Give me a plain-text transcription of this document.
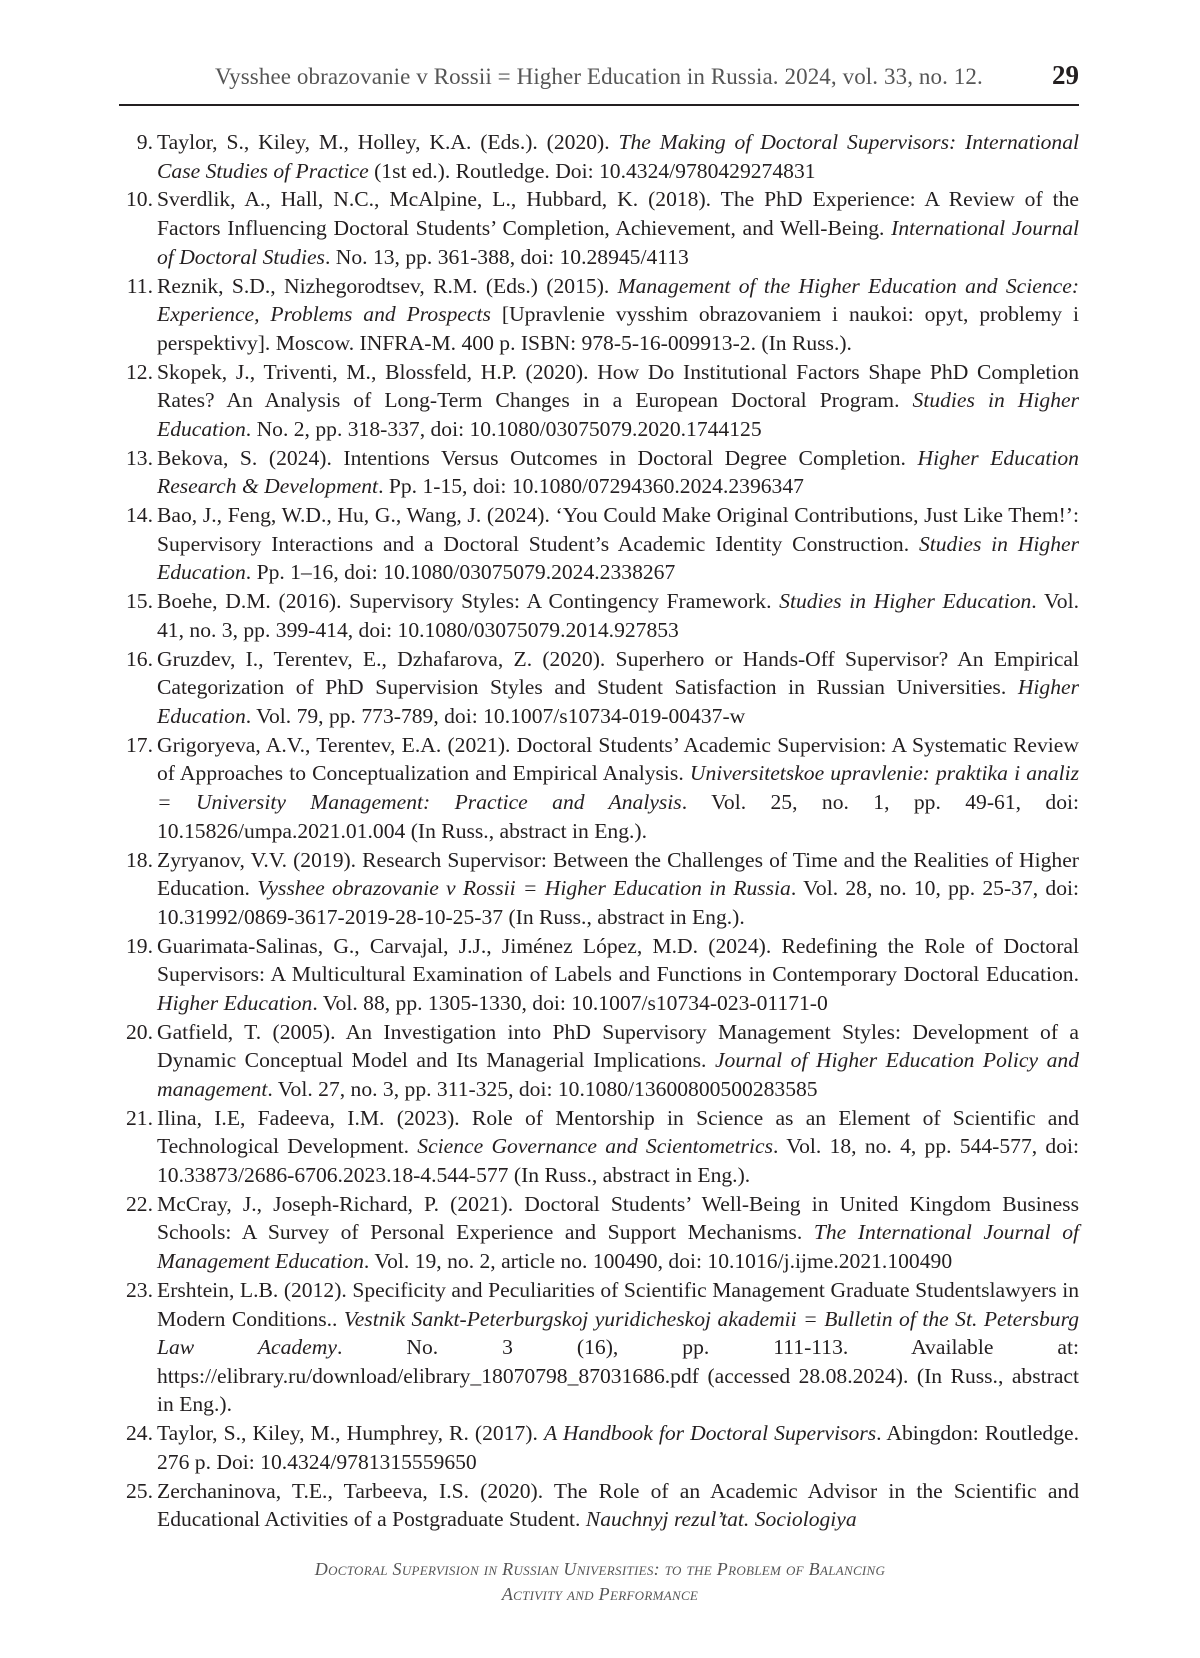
Vysshee obrazovanie v Rossii = Higher Education in Russia. 2024, vol. 33, no. 12.	29
9. Taylor, S., Kiley, M., Holley, K.A. (Eds.). (2020). The Making of Doctoral Supervisors: International Case Studies of Practice (1st ed.). Routledge. Doi: 10.4324/9780429274831
10. Sverdlik, A., Hall, N.C., McAlpine, L., Hubbard, K. (2018). The PhD Experience: A Review of the Factors Influencing Doctoral Students’ Completion, Achievement, and Well-Being. International Journal of Doctoral Studies. No. 13, pp. 361-388, doi: 10.28945/4113
11. Reznik, S.D., Nizhegorodtsev, R.M. (Eds.) (2015). Management of the Higher Education and Science: Experience, Problems and Prospects [Upravlenie vysshim obrazovaniem i naukoi: opyt, problemy i perspektivy]. Moscow. INFRA-M. 400 p. ISBN: 978-5-16-009913-2. (In Russ.).
12. Skopek, J., Triventi, M., Blossfeld, H.P. (2020). How Do Institutional Factors Shape PhD Completion Rates? An Analysis of Long-Term Changes in a European Doctoral Program. Studies in Higher Education. No. 2, pp. 318-337, doi: 10.1080/03075079.2020.1744125
13. Bekova, S. (2024). Intentions Versus Outcomes in Doctoral Degree Completion. Higher Education Research & Development. Pp. 1-15, doi: 10.1080/07294360.2024.2396347
14. Bao, J., Feng, W.D., Hu, G., Wang, J. (2024). ‘You Could Make Original Contributions, Just Like Them!’: Supervisory Interactions and a Doctoral Student’s Academic Identity Construction. Studies in Higher Education. Pp. 1–16, doi: 10.1080/03075079.2024.2338267
15. Boehe, D.M. (2016). Supervisory Styles: A Contingency Framework. Studies in Higher Education. Vol. 41, no. 3, pp. 399-414, doi: 10.1080/03075079.2014.927853
16. Gruzdev, I., Terentev, E., Dzhafarova, Z. (2020). Superhero or Hands-Off Supervisor? An Empirical Categorization of PhD Supervision Styles and Student Satisfaction in Russian Universities. Higher Education. Vol. 79, pp. 773-789, doi: 10.1007/s10734-019-00437-w
17. Grigoryeva, A.V., Terentev, E.A. (2021). Doctoral Students’ Academic Supervision: A Systematic Review of Approaches to Conceptualization and Empirical Analysis. Universitetskoe upravlenie: praktika i analiz = University Management: Practice and Analysis. Vol. 25, no. 1, pp. 49-61, doi: 10.15826/umpa.2021.01.004 (In Russ., abstract in Eng.).
18. Zyryanov, V.V. (2019). Research Supervisor: Between the Challenges of Time and the Realities of Higher Education. Vysshee obrazovanie v Rossii = Higher Education in Russia. Vol. 28, no. 10, pp. 25-37, doi: 10.31992/0869-3617-2019-28-10-25-37 (In Russ., abstract in Eng.).
19. Guarimata-Salinas, G., Carvajal, J.J., Jiménez López, M.D. (2024). Redefining the Role of Doctoral Supervisors: A Multicultural Examination of Labels and Functions in Contemporary Doctoral Education. Higher Education. Vol. 88, pp. 1305-1330, doi: 10.1007/s10734-023-01171-0
20. Gatfield, T. (2005). An Investigation into PhD Supervisory Management Styles: Development of a Dynamic Conceptual Model and Its Managerial Implications. Journal of Higher Education Policy and management. Vol. 27, no. 3, pp. 311-325, doi: 10.1080/13600800500283585
21. Ilina, I.E, Fadeeva, I.M. (2023). Role of Mentorship in Science as an Element of Scientific and Technological Development. Science Governance and Scientometrics. Vol. 18, no. 4, pp. 544-577, doi: 10.33873/2686-6706.2023.18-4.544-577 (In Russ., abstract in Eng.).
22. McCray, J., Joseph-Richard, P. (2021). Doctoral Students’ Well-Being in United Kingdom Business Schools: A Survey of Personal Experience and Support Mechanisms. The International Journal of Management Education. Vol. 19, no. 2, article no. 100490, doi: 10.1016/j.ijme.2021.100490
23. Ershtein, L.B. (2012). Specificity and Peculiarities of Scientific Management Graduate Studentslawyers in Modern Conditions.. Vestnik Sankt-Peterburgskoj yuridicheskoj akademii = Bulletin of the St. Petersburg Law Academy. No. 3 (16), pp. 111-113. Available at: https://elibrary.ru/download/elibrary_18070798_87031686.pdf (accessed 28.08.2024). (In Russ., abstract in Eng.).
24. Taylor, S., Kiley, M., Humphrey, R. (2017). A Handbook for Doctoral Supervisors. Abingdon: Routledge. 276 p. Doi: 10.4324/9781315559650
25. Zerchaninova, T.E., Tarbeeva, I.S. (2020). The Role of an Academic Advisor in the Scientific and Educational Activities of a Postgraduate Student. Nauchnyj rezul’tat. Sociologiya
Doctoral Supervision in Russian Universities: to the Problem of Balancing
Activity and Performance
